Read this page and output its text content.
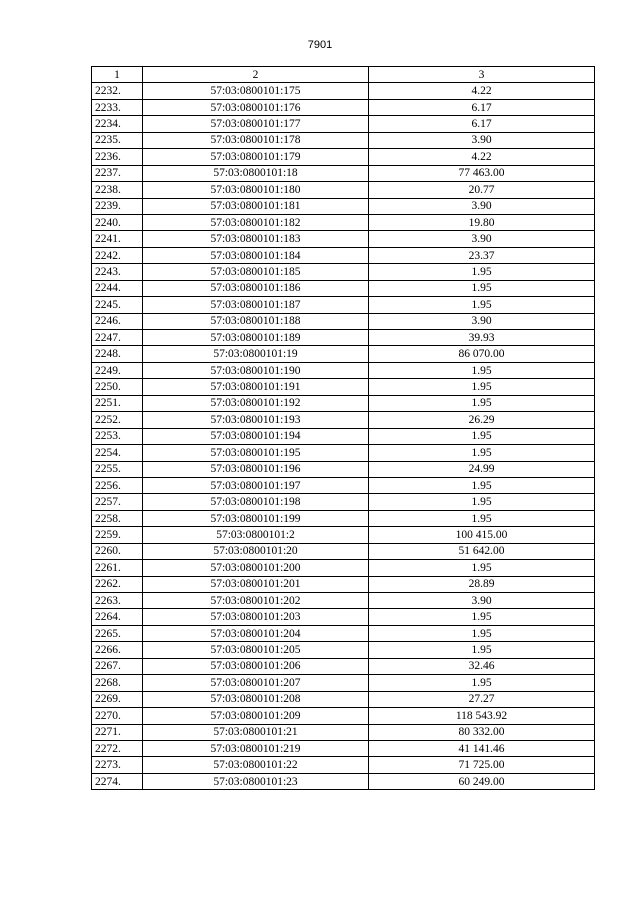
7901
1	2	3
2232.	57:03:0800101:175	4.22
2233.	57:03:0800101:176	6.17
2234.	57:03:0800101:177	6.17
2235.	57:03:0800101:178	3.90
2236.	57:03:0800101:179	4.22
2237.	57:03:0800101:18	77 463.00
2238.	57:03:0800101:180	20.77
2239.	57:03:0800101:181	3.90
2240.	57:03:0800101:182	19.80
2241.	57:03:0800101:183	3.90
2242.	57:03:0800101:184	23.37
2243.	57:03:0800101:185	1.95
2244.	57:03:0800101:186	1.95
2245.	57:03:0800101:187	1.95
2246.	57:03:0800101:188	3.90
2247.	57:03:0800101:189	39.93
2248.	57:03:0800101:19	86 070.00
2249.	57:03:0800101:190	1.95
2250.	57:03:0800101:191	1.95
2251.	57:03:0800101:192	1.95
2252.	57:03:0800101:193	26.29
2253.	57:03:0800101:194	1.95
2254.	57:03:0800101:195	1.95
2255.	57:03:0800101:196	24.99
2256.	57:03:0800101:197	1.95
2257.	57:03:0800101:198	1.95
2258.	57:03:0800101:199	1.95
2259.	57:03:0800101:2	100 415.00
2260.	57:03:0800101:20	51 642.00
2261.	57:03:0800101:200	1.95
2262.	57:03:0800101:201	28.89
2263.	57:03:0800101:202	3.90
2264.	57:03:0800101:203	1.95
2265.	57:03:0800101:204	1.95
2266.	57:03:0800101:205	1.95
2267.	57:03:0800101:206	32.46
2268.	57:03:0800101:207	1.95
2269.	57:03:0800101:208	27.27
2270.	57:03:0800101:209	118 543.92
2271.	57:03:0800101:21	80 332.00
2272.	57:03:0800101:219	41 141.46
2273.	57:03:0800101:22	71 725.00
2274.	57:03:0800101:23	60 249.00
